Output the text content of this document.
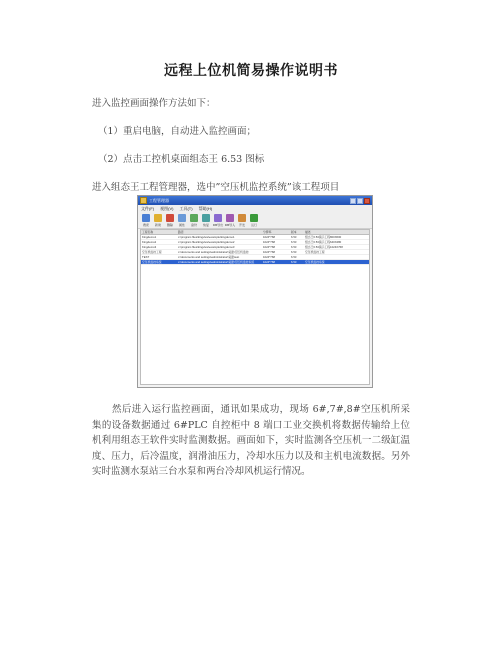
远程上位机简易操作说明书
进入监控画面操作方法如下：
（1）重启电脑，自动进入监控画面；
（2）点击工控机桌面组态王 6.53 图标
进入组态王工程管理器，选中”空压机监控系统”该工程项目
工程管理器
文件(F) 视图(V) 工具(T) 帮助(H)
搜索 新建 删除 属性 备份 恢复 DB导出 DB导入 开发 运行
工程名称	路径	分辨率	版本	描述
Kingdemo1	c:\program files\kingview\example\kingdemo1	1024*768	6.53	组态王6.53演示工程800X600
Kingdemo2	c:\program files\kingview\example\kingdemo2	1024*768	6.53	组态王6.53演示工程640X480
Kingdemo3	c:\program files\kingview\example\kingdemo3	1024*768	6.53	组态王6.53演示工程1024X768
空压机监控工程	c:\documents and settings\administrator\桌面\空压机监控	1024*768	6.53	空压机监控工程
TEST	c:\documents and settings\administrator\桌面\test	1024*768	6.53
空压机监控系统	c:\documents and settings\administrator\桌面\空压机监控系统	1024*768	6.53	空压机监控系统
然后进入运行监控画面，通讯如果成功，现场 6#,7#,8#空压机所采集的设备数据通过 6#PLC 自控柜中 8 端口工业交换机将数据传输给上位机利用组态王软件实时监测数据。画面如下，实时监测各空压机一二级缸温度、压力，后冷温度，润滑油压力，冷却水压力以及和主机电流数据。另外实时监测水泵站三台水泵和两台冷却风机运行情况。
